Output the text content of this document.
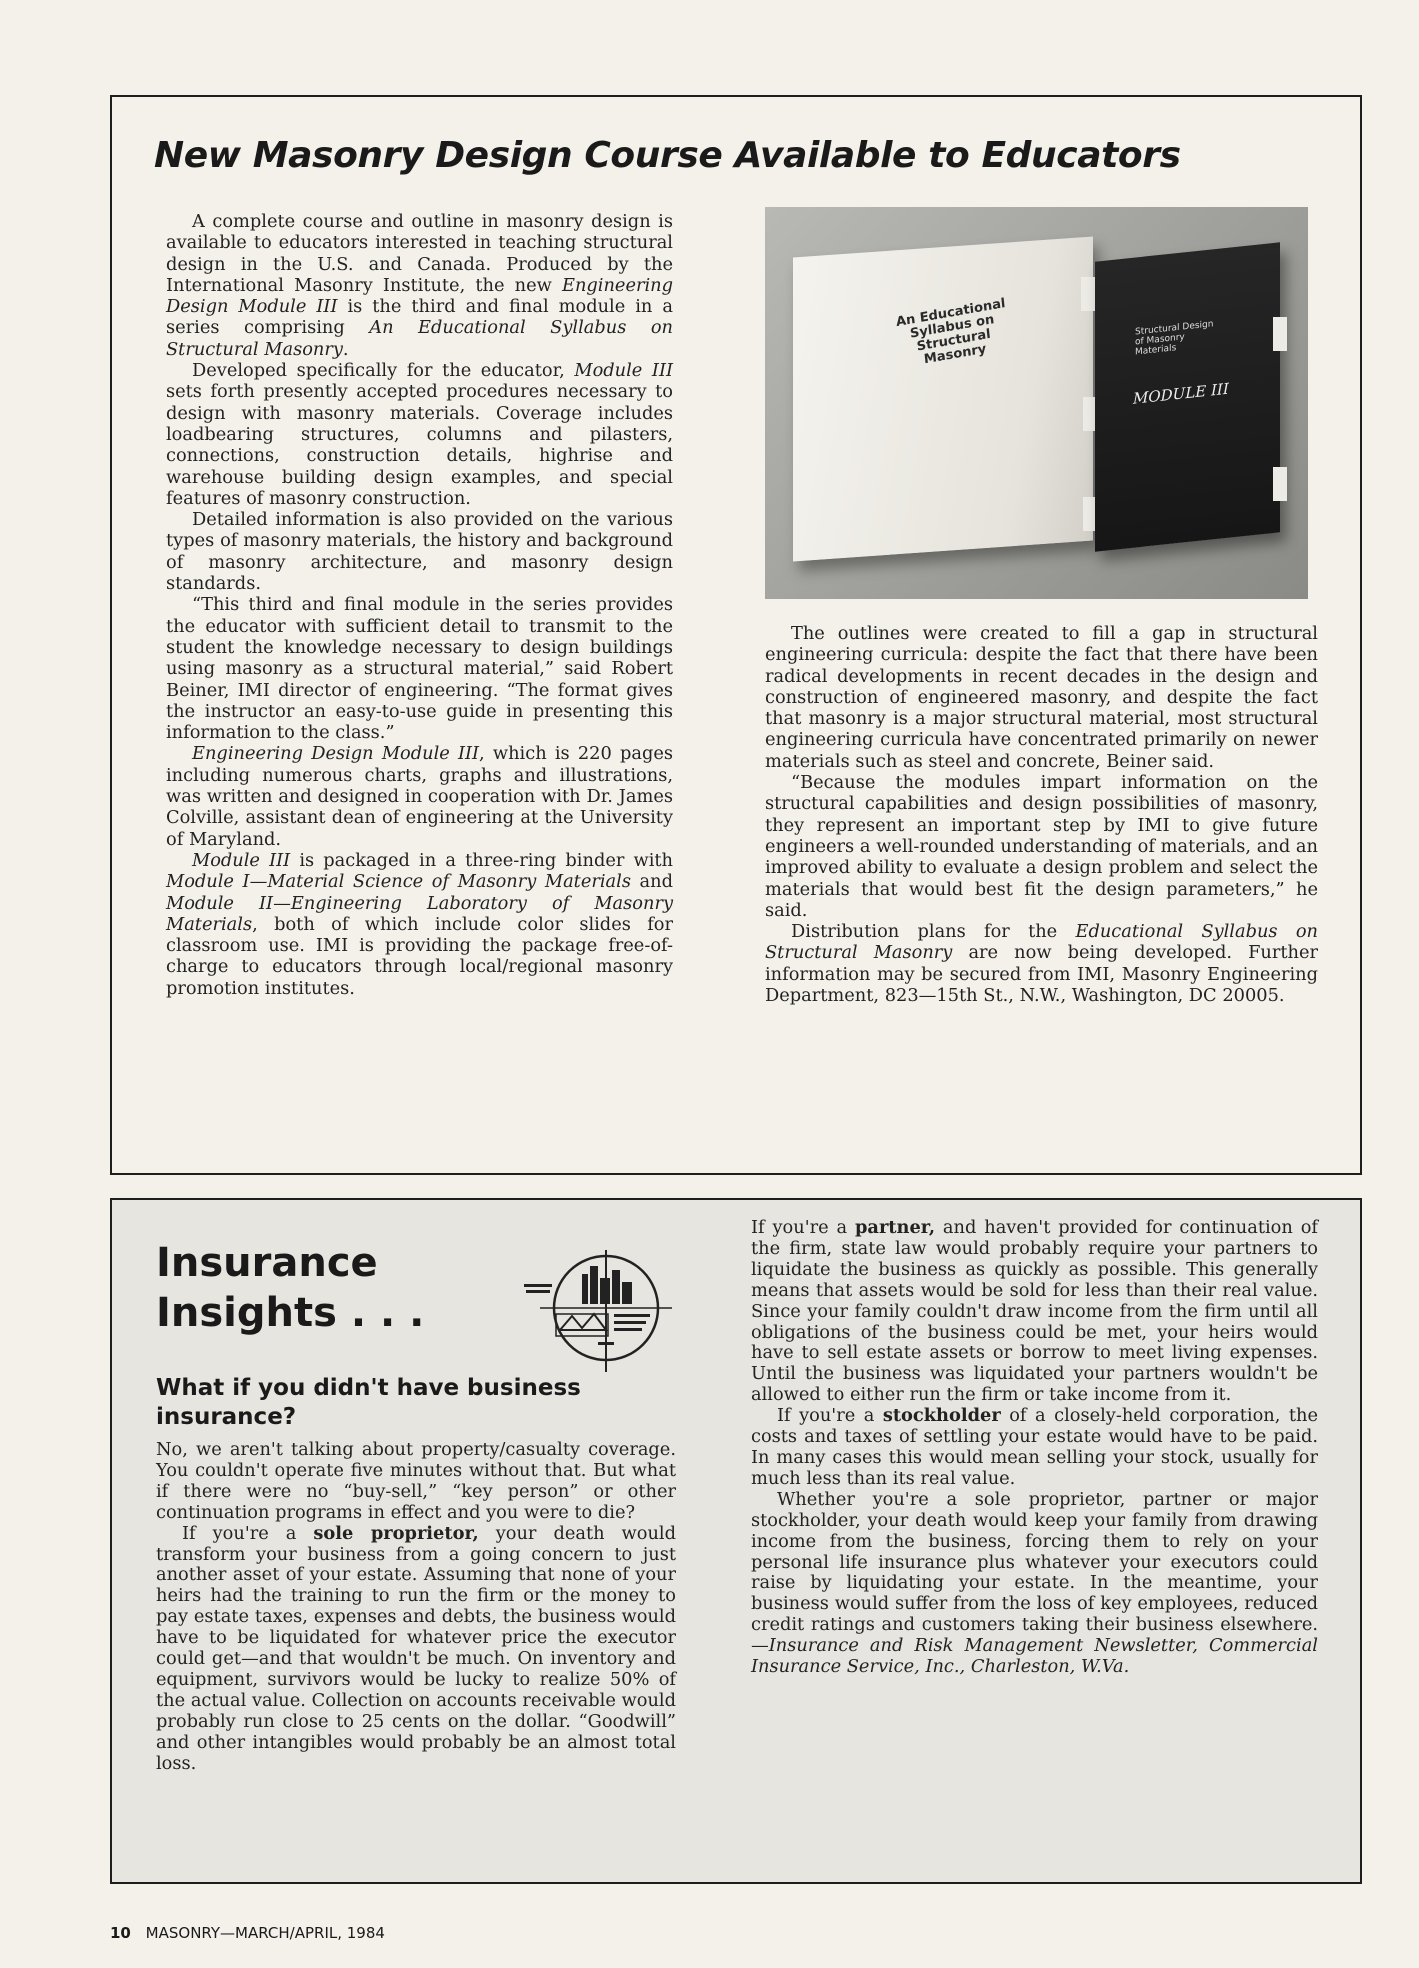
New Masonry Design Course Available to Educators

A complete course and outline in masonry design is available to educators interested in teaching structural design in the U.S. and Canada. Produced by the International Masonry Institute, the new Engineering Design Module III is the third and final module in a series comprising An Educational Syllabus on Structural Masonry.

Developed specifically for the educator, Module III sets forth presently accepted procedures necessary to design with masonry materials. Coverage includes loadbearing structures, columns and pilasters, connections, construction details, highrise and warehouse building design examples, and special features of masonry construction.

Detailed information is also provided on the various types of masonry materials, the history and background of masonry architecture, and masonry design standards.

“This third and final module in the series provides the educator with sufficient detail to transmit to the student the knowledge necessary to design buildings using masonry as a structural material,” said Robert Beiner, IMI director of engineering. “The format gives the instructor an easy-to-use guide in presenting this information to the class.”

Engineering Design Module III, which is 220 pages including numerous charts, graphs and illustrations, was written and designed in cooperation with Dr. James Colville, assistant dean of engineering at the University of Maryland.

Module III is packaged in a three-ring binder with Module I—Material Science of Masonry Materials and Module II—Engineering Laboratory of Masonry Materials, both of which include color slides for classroom use. IMI is providing the package free-of-charge to educators through local/regional masonry promotion institutes.

An Educational Syllabus on Structural Masonry
Structural Design of Masonry Materials
MODULE III

The outlines were created to fill a gap in structural engineering curricula: despite the fact that there have been radical developments in recent decades in the design and construction of engineered masonry, and despite the fact that masonry is a major structural material, most structural engineering curricula have concentrated primarily on newer materials such as steel and concrete, Beiner said.

“Because the modules impart information on the structural capabilities and design possibilities of masonry, they represent an important step by IMI to give future engineers a well-rounded understanding of materials, and an improved ability to evaluate a design problem and select the materials that would best fit the design parameters,” he said.

Distribution plans for the Educational Syllabus on Structural Masonry are now being developed. Further information may be secured from IMI, Masonry Engineering Department, 823—15th St., N.W., Washington, DC 20005.

Insurance
Insights . . .
What if you didn't have business insurance?

No, we aren't talking about property/casualty coverage. You couldn't operate five minutes without that. But what if there were no “buy-sell,” “key person” or other continuation programs in effect and you were to die?

If you're a sole proprietor, your death would transform your business from a going concern to just another asset of your estate. Assuming that none of your heirs had the training to run the firm or the money to pay estate taxes, expenses and debts, the business would have to be liquidated for whatever price the executor could get—and that wouldn't be much. On inventory and equipment, survivors would be lucky to realize 50% of the actual value. Collection on accounts receivable would probably run close to 25 cents on the dollar. “Goodwill” and other intangibles would probably be an almost total loss.

If you're a partner, and haven't provided for continuation of the firm, state law would probably require your partners to liquidate the business as quickly as possible. This generally means that assets would be sold for less than their real value. Since your family couldn't draw income from the firm until all obligations of the business could be met, your heirs would have to sell estate assets or borrow to meet living expenses. Until the business was liquidated your partners wouldn't be allowed to either run the firm or take income from it.

If you're a stockholder of a closely-held corporation, the costs and taxes of settling your estate would have to be paid. In many cases this would mean selling your stock, usually for much less than its real value.

Whether you're a sole proprietor, partner or major stockholder, your death would keep your family from drawing income from the business, forcing them to rely on your personal life insurance plus whatever your executors could raise by liquidating your estate. In the meantime, your business would suffer from the loss of key employees, reduced credit ratings and customers taking their business elsewhere. —Insurance and Risk Management Newsletter, Commercial Insurance Service, Inc., Charleston, W.Va.

10 MASONRY—MARCH/APRIL, 1984
